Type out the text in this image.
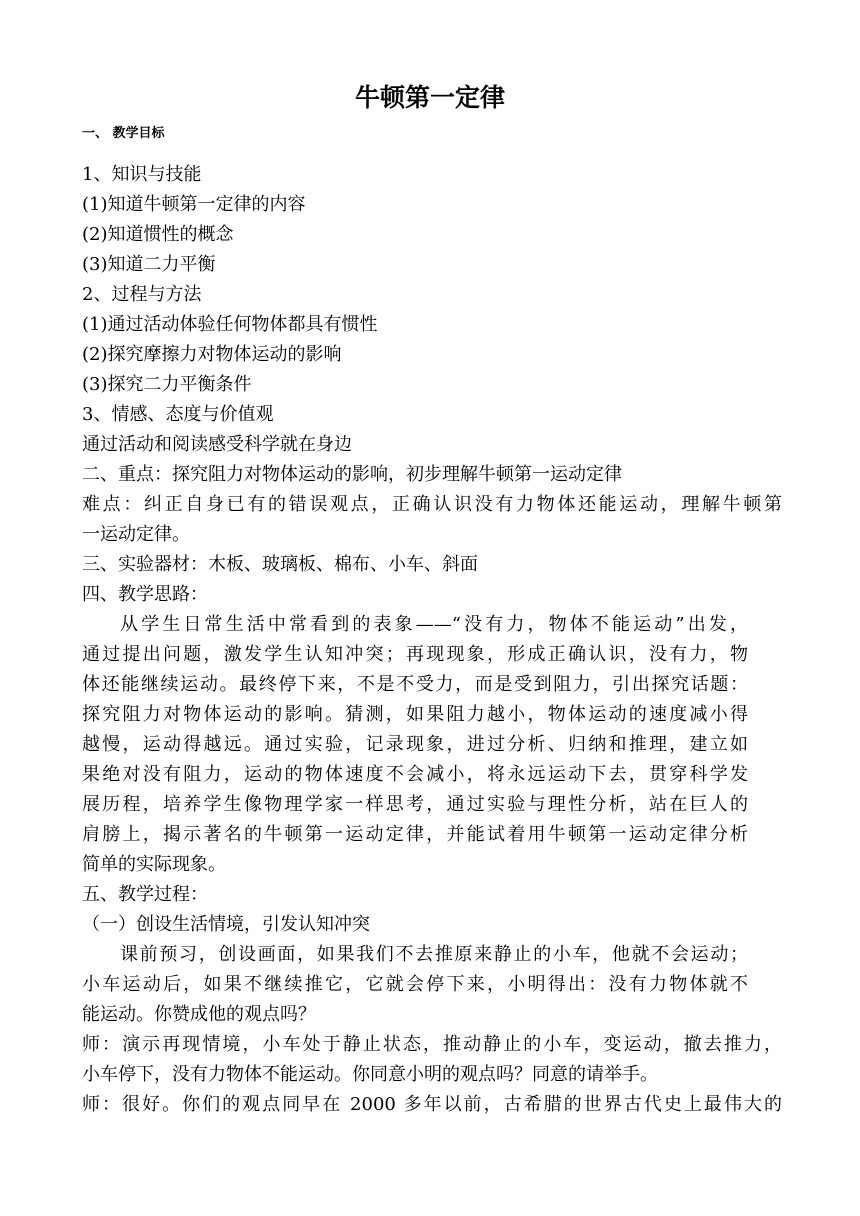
牛顿第一定律
一、 教学目标
1、知识与技能
(1)知道牛顿第一定律的内容
(2)知道惯性的概念
(3)知道二力平衡
2、过程与方法
(1)通过活动体验任何物体都具有惯性
(2)探究摩擦力对物体运动的影响
(3)探究二力平衡条件
3、情感、态度与价值观
通过活动和阅读感受科学就在身边
二、重点：探究阻力对物体运动的影响，初步理解牛顿第一运动定律
难点：纠正自身已有的错误观点，正确认识没有力物体还能运动，理解牛顿第
一运动定律。
三、实验器材：木板、玻璃板、棉布、小车、斜面
四、教学思路：
从学生日常生活中常看到的表象——“没有力，物体不能运动”出发，
通过提出问题，激发学生认知冲突；再现现象，形成正确认识，没有力，物
体还能继续运动。最终停下来，不是不受力，而是受到阻力，引出探究话题：
探究阻力对物体运动的影响。猜测，如果阻力越小，物体运动的速度减小得
越慢，运动得越远。通过实验，记录现象，进过分析、归纳和推理，建立如
果绝对没有阻力，运动的物体速度不会减小，将永远运动下去，贯穿科学发
展历程，培养学生像物理学家一样思考，通过实验与理性分析，站在巨人的
肩膀上，揭示著名的牛顿第一运动定律，并能试着用牛顿第一运动定律分析
简单的实际现象。
五、教学过程：
（一）创设生活情境，引发认知冲突
课前预习，创设画面，如果我们不去推原来静止的小车，他就不会运动；
小车运动后，如果不继续推它，它就会停下来，小明得出：没有力物体就不
能运动。你赞成他的观点吗？
师：演示再现情境，小车处于静止状态，推动静止的小车，变运动，撤去推力，
小车停下，没有力物体不能运动。你同意小明的观点吗？同意的请举手。
师：很好。你们的观点同早在 2000 多年以前，古希腊的世界古代史上最伟大的
